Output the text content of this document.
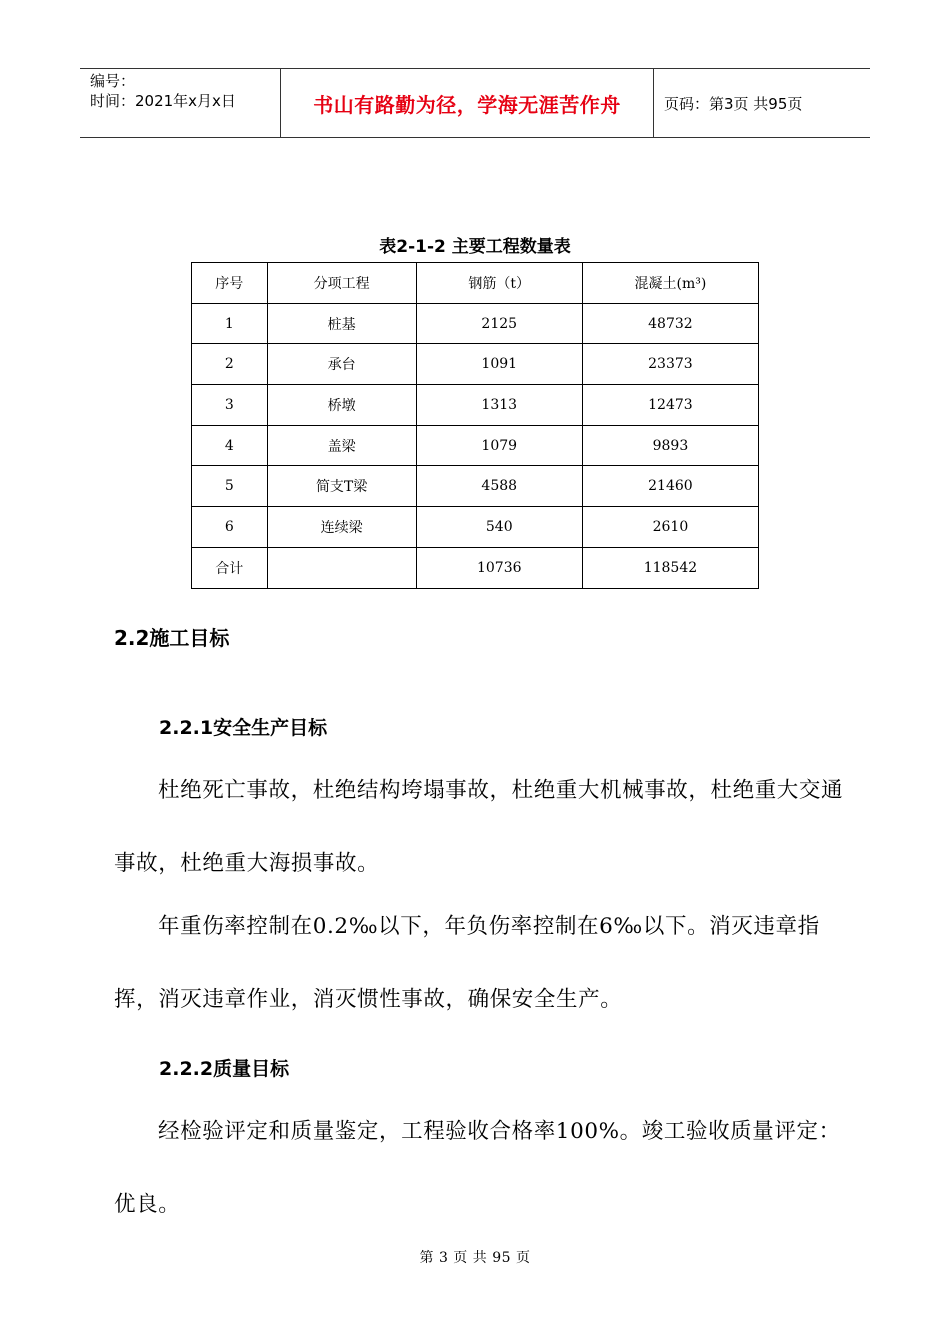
编号：
时间：2021年x月x日	书山有路勤为径，学海无涯苦作舟	页码：第3页 共95页
表2-1-2 主要工程数量表
序号	分项工程	钢筋（t）	混凝土(m³)
1	桩基	2125	48732
2	承台	1091	23373
3	桥墩	1313	12473
4	盖梁	1079	9893
5	简支T梁	4588	21460
6	连续梁	540	2610
合计		10736	118542
2.2施工目标
2.2.1安全生产目标

杜绝死亡事故，杜绝结构垮塌事故，杜绝重大机械事故，杜绝重大交通事故，杜绝重大海损事故。

年重伤率控制在0.2‰以下，年负伤率控制在6‰以下。消灭违章指挥，消灭违章作业，消灭惯性事故，确保安全生产。

2.2.2质量目标

经检验评定和质量鉴定，工程验收合格率100%。竣工验收质量评定：优良。

第 3 页 共 95 页
